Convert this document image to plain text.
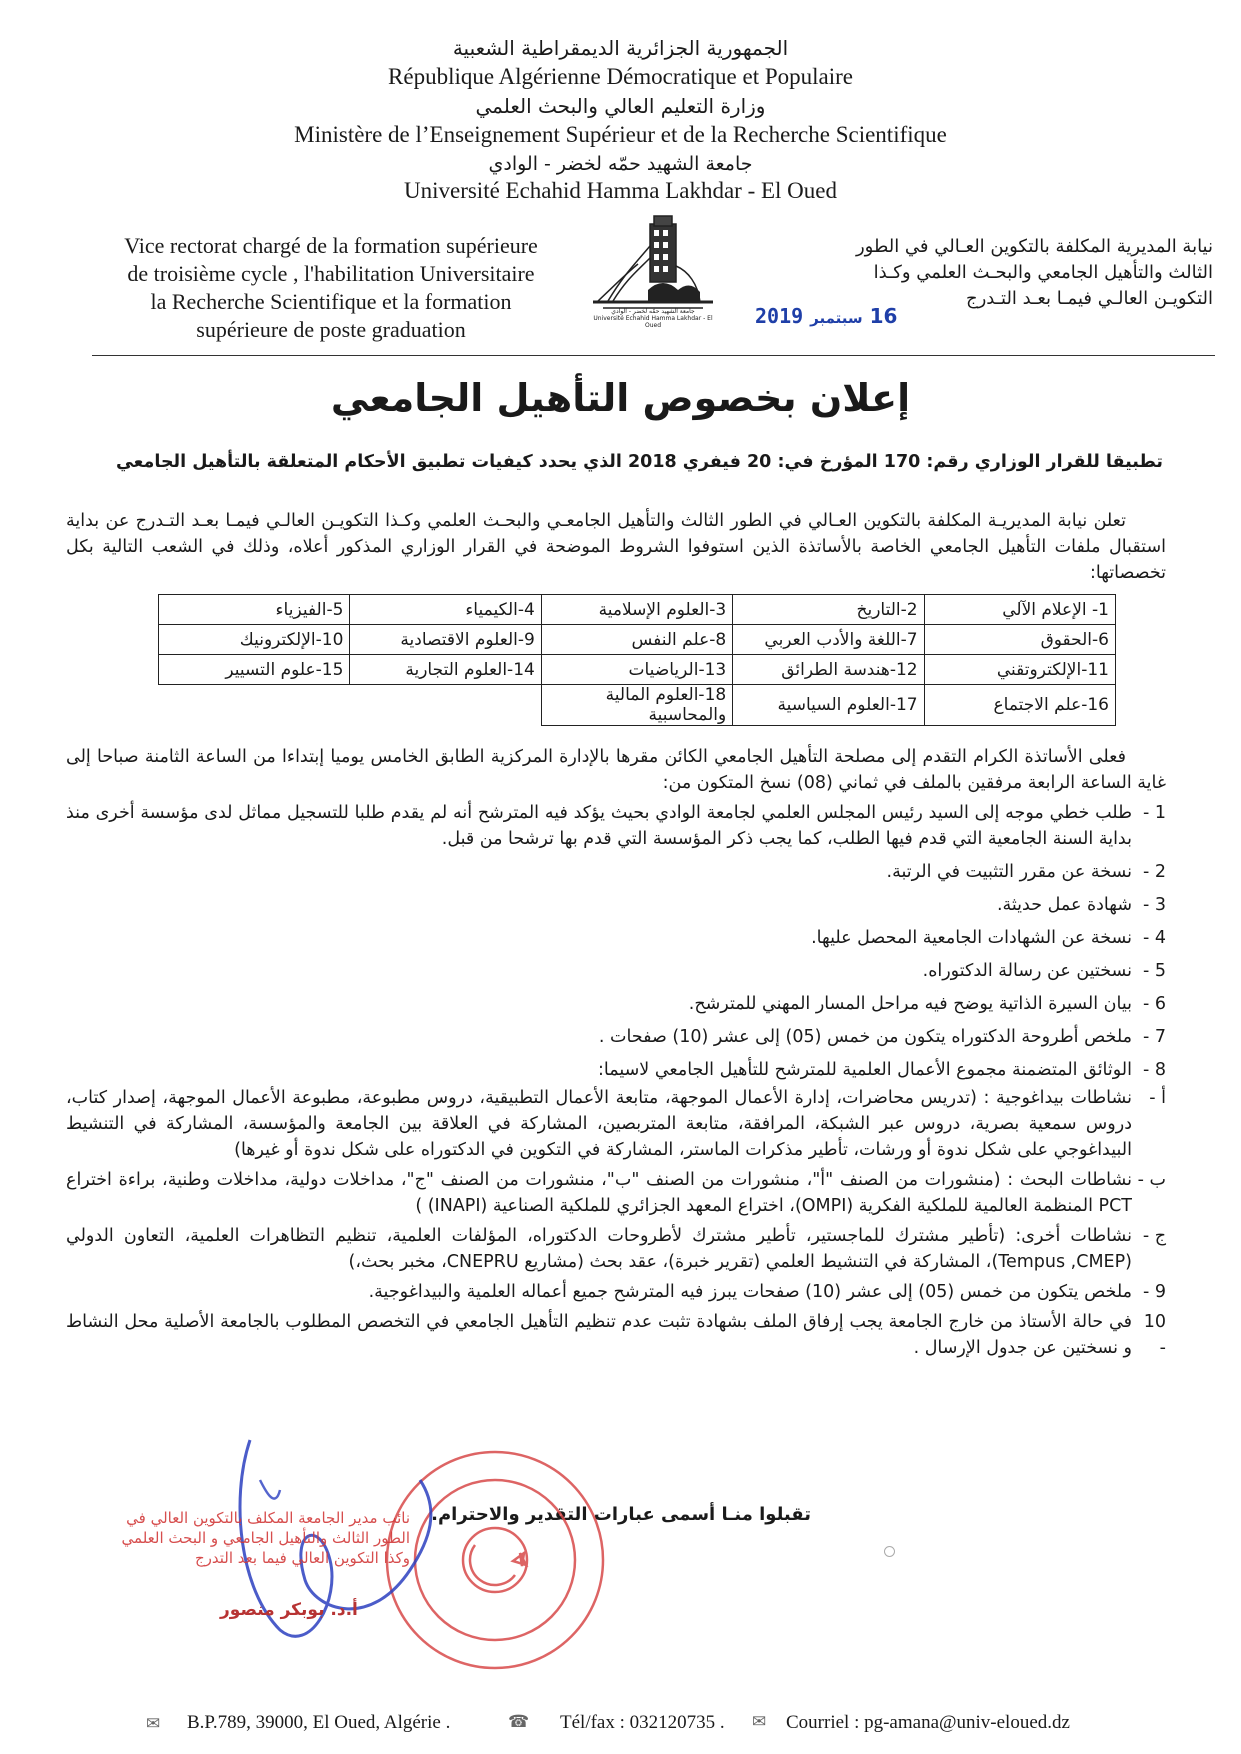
الجمهورية الجزائرية الديمقراطية الشعبية
République Algérienne Démocratique et Populaire
وزارة التعليم العالي والبحث العلمي
Ministère de l’Enseignement Supérieur et de la Recherche Scientifique
جامعة الشهيد حمّه لخضر - الوادي
Université Echahid Hamma Lakhdar - El Oued
Vice rectorat chargé de la formation supérieure
de troisième cycle , l'habilitation Universitaire
la Recherche Scientifique et la formation
supérieure de poste graduation
جامعة الشهيد حمّه لخضر - الوادي
Université Echahid Hamma Lakhdar - El Oued
نيابة المديرية المكلفة بالتكوين العـالي في الطور
الثالث والتأهيل الجامعي والبحـث العلمي وكـذا
التكويـن العالـي فيمـا بعـد التـدرج
16 سبتمبر 2019
إعلان بخصوص التأهيل الجامعي
تطبيقا للقرار الوزاري رقم: 170 المؤرخ في: 20 فيفري 2018 الذي يحدد كيفيات تطبيق الأحكام المتعلقة بالتأهيل الجامعي
تعلن نيابة المديريـة المكلفة بالتكوين العـالي في الطور الثالث والتأهيل الجامعـي والبحـث العلمي وكـذا التكويـن العالـي فيمـا بعـد التـدرج عن بداية استقبال ملفات التأهيل الجامعي الخاصة بالأساتذة الذين استوفوا الشروط الموضحة في القرار الوزاري المذكور أعلاه، وذلك في الشعب التالية بكل تخصصاتها:
1- الإعلام الآلي	2-التاريخ	3-العلوم الإسلامية	4-الكيمياء	5-الفيزياء
6-الحقوق	7-اللغة والأدب العربي	8-علم النفس	9-العلوم الاقتصادية	10-الإلكترونيك
11-الإلكتروتقني	12-هندسة الطرائق	13-الرياضيات	14-العلوم التجارية	15-علوم التسيير
16-علم الاجتماع	17-العلوم السياسية	18-العلوم المالية والمحاسبية		
فعلى الأساتذة الكرام التقدم إلى مصلحة التأهيل الجامعي الكائن مقرها بالإدارة المركزية الطابق الخامس يوميا إبتداءا من الساعة الثامنة صباحا إلى غاية الساعة الرابعة مرفقين بالملف في ثماني (08) نسخ المتكون من:
1 -
طلب خطي موجه إلى السيد رئيس المجلس العلمي لجامعة الوادي بحيث يؤكد فيه المترشح أنه لم يقدم طلبا للتسجيل مماثل لدى مؤسسة أخرى منذ بداية السنة الجامعية التي قدم فيها الطلب، كما يجب ذكر المؤسسة التي قدم بها ترشحا من قبل.
2 -
نسخة عن مقرر التثبيت في الرتبة.
3 -
شهادة عمل حديثة.
4 -
نسخة عن الشهادات الجامعية المحصل عليها.
5 -
نسختين عن رسالة الدكتوراه.
6 -
بيان السيرة الذاتية يوضح فيه مراحل المسار المهني للمترشح.
7 -
ملخص أطروحة الدكتوراه يتكون من خمس (05) إلى عشر (10) صفحات .
8 -
الوثائق المتضمنة مجموع الأعمال العلمية للمترشح للتأهيل الجامعي لاسيما:
أ -
نشاطات بيداغوجية : (تدريس محاضرات، إدارة الأعمال الموجهة، متابعة الأعمال التطبيقية، دروس مطبوعة، مطبوعة الأعمال الموجهة، إصدار كتاب، دروس سمعية بصرية، دروس عبر الشبكة، المرافقة، متابعة المتربصين، المشاركة في العلاقة بين الجامعة والمؤسسة، المشاركة في التنشيط البيداغوجي على شكل ندوة أو ورشات، تأطير مذكرات الماستر، المشاركة في التكوين في الدكتوراه على شكل ندوة أو غيرها)
ب -
نشاطات البحث : (منشورات من الصنف "أ"، منشورات من الصنف "ب"، منشورات من الصنف "ج"، مداخلات دولية، مداخلات وطنية، براءة اختراع PCT المنظمة العالمية للملكية الفكرية (OMPI)، اختراع المعهد الجزائري للملكية الصناعية (INAPI) )
ج -
نشاطات أخرى: (تأطير مشترك للماجستير، تأطير مشترك لأطروحات الدكتوراه، المؤلفات العلمية، تنظيم التظاهرات العلمية، التعاون الدولي (Tempus ,CMEP)، المشاركة في التنشيط العلمي (تقرير خبرة)، عقد بحث (مشاريع CNEPRU، مخبر بحث،)
9 -
ملخص يتكون من خمس (05) إلى عشر (10) صفحات يبرز فيه المترشح جميع أعماله العلمية والبيداغوجية.
10 -
في حالة الأستاذ من خارج الجامعة يجب إرفاق الملف بشهادة تثبت عدم تنظيم التأهيل الجامعي في التخصص المطلوب بالجامعة الأصلية محل النشاط و نسختين عن جدول الإرسال .
تقبلوا منـا أسمى عبارات التقدير والاحترام.
نائب مدير الجامعة المكلف بالتكوين العالي في الطور الثالث والتأهيل الجامعي و البحث العلمي وكذا التكوين العالي فيما بعد التدرج
أ.د. بوبكر منصور
✉ B.P.789, 39000, El Oued, Algérie .	☎ Tél/fax : 032120735 . ✉ Courriel : pg-amana@univ-eloued.dz
